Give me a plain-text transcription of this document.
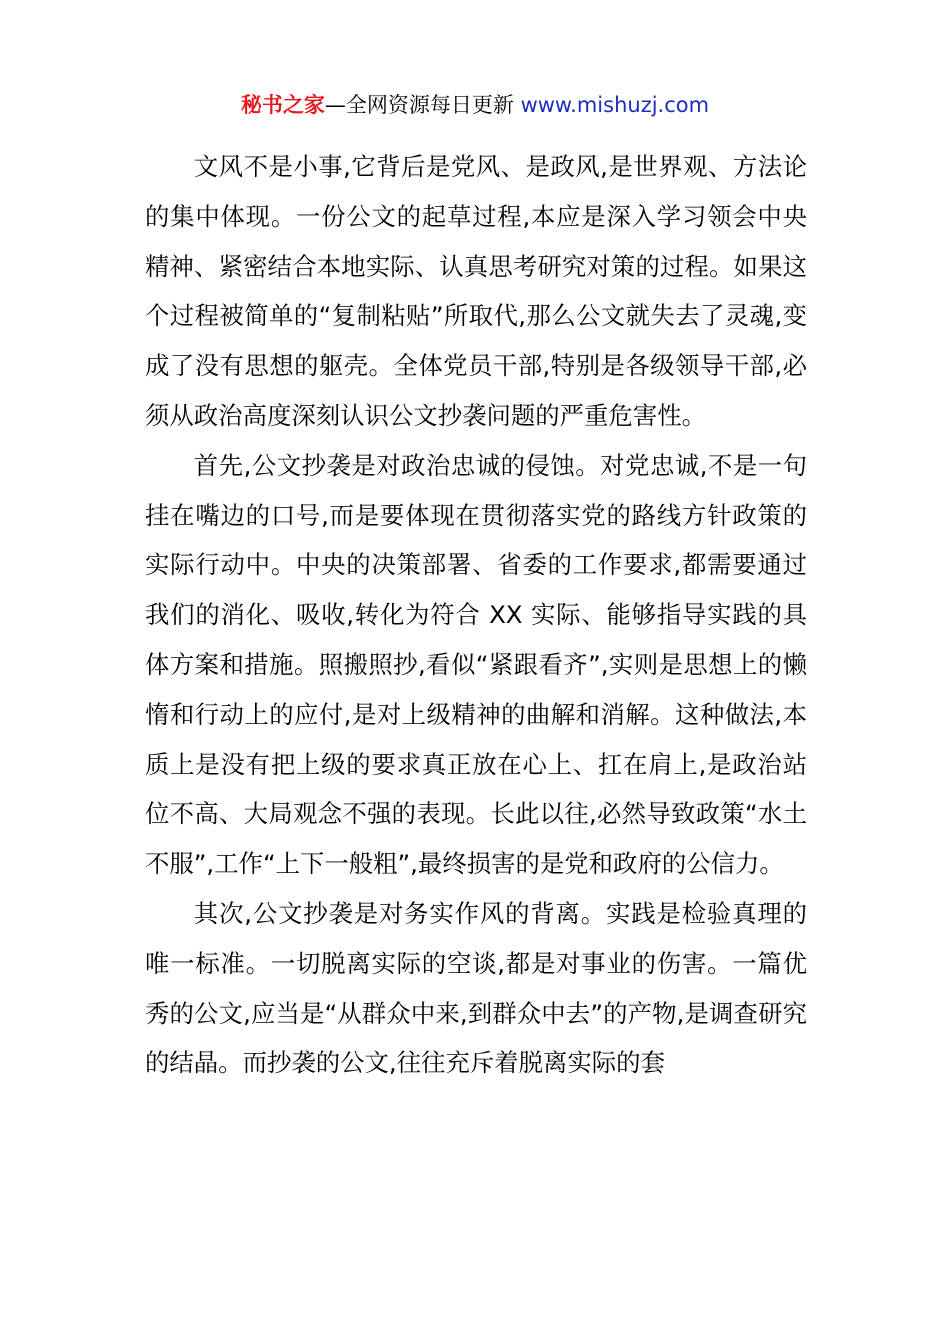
秘书之家—全网资源每日更新 www.mishuzj.com

文风不是小事,它背后是党风、是政风,是世界观、方法论的集中体现。一份公文的起草过程,本应是深入学习领会中央精神、紧密结合本地实际、认真思考研究对策的过程。如果这个过程被简单的“复制粘贴”所取代,那么公文就失去了灵魂,变成了没有思想的躯壳。全体党员干部,特别是各级领导干部,必须从政治高度深刻认识公文抄袭问题的严重危害性。

首先,公文抄袭是对政治忠诚的侵蚀。对党忠诚,不是一句挂在嘴边的口号,而是要体现在贯彻落实党的路线方针政策的实际行动中。中央的决策部署、省委的工作要求,都需要通过我们的消化、吸收,转化为符合 XX 实际、能够指导实践的具体方案和措施。照搬照抄,看似“紧跟看齐”,实则是思想上的懒惰和行动上的应付,是对上级精神的曲解和消解。这种做法,本质上是没有把上级的要求真正放在心上、扛在肩上,是政治站位不高、大局观念不强的表现。长此以往,必然导致政策“水土不服”,工作“上下一般粗”,最终损害的是党和政府的公信力。

其次,公文抄袭是对务实作风的背离。实践是检验真理的唯一标准。一切脱离实际的空谈,都是对事业的伤害。一篇优秀的公文,应当是“从群众中来,到群众中去”的产物,是调查研究的结晶。而抄袭的公文,往往充斥着脱离实际的套
